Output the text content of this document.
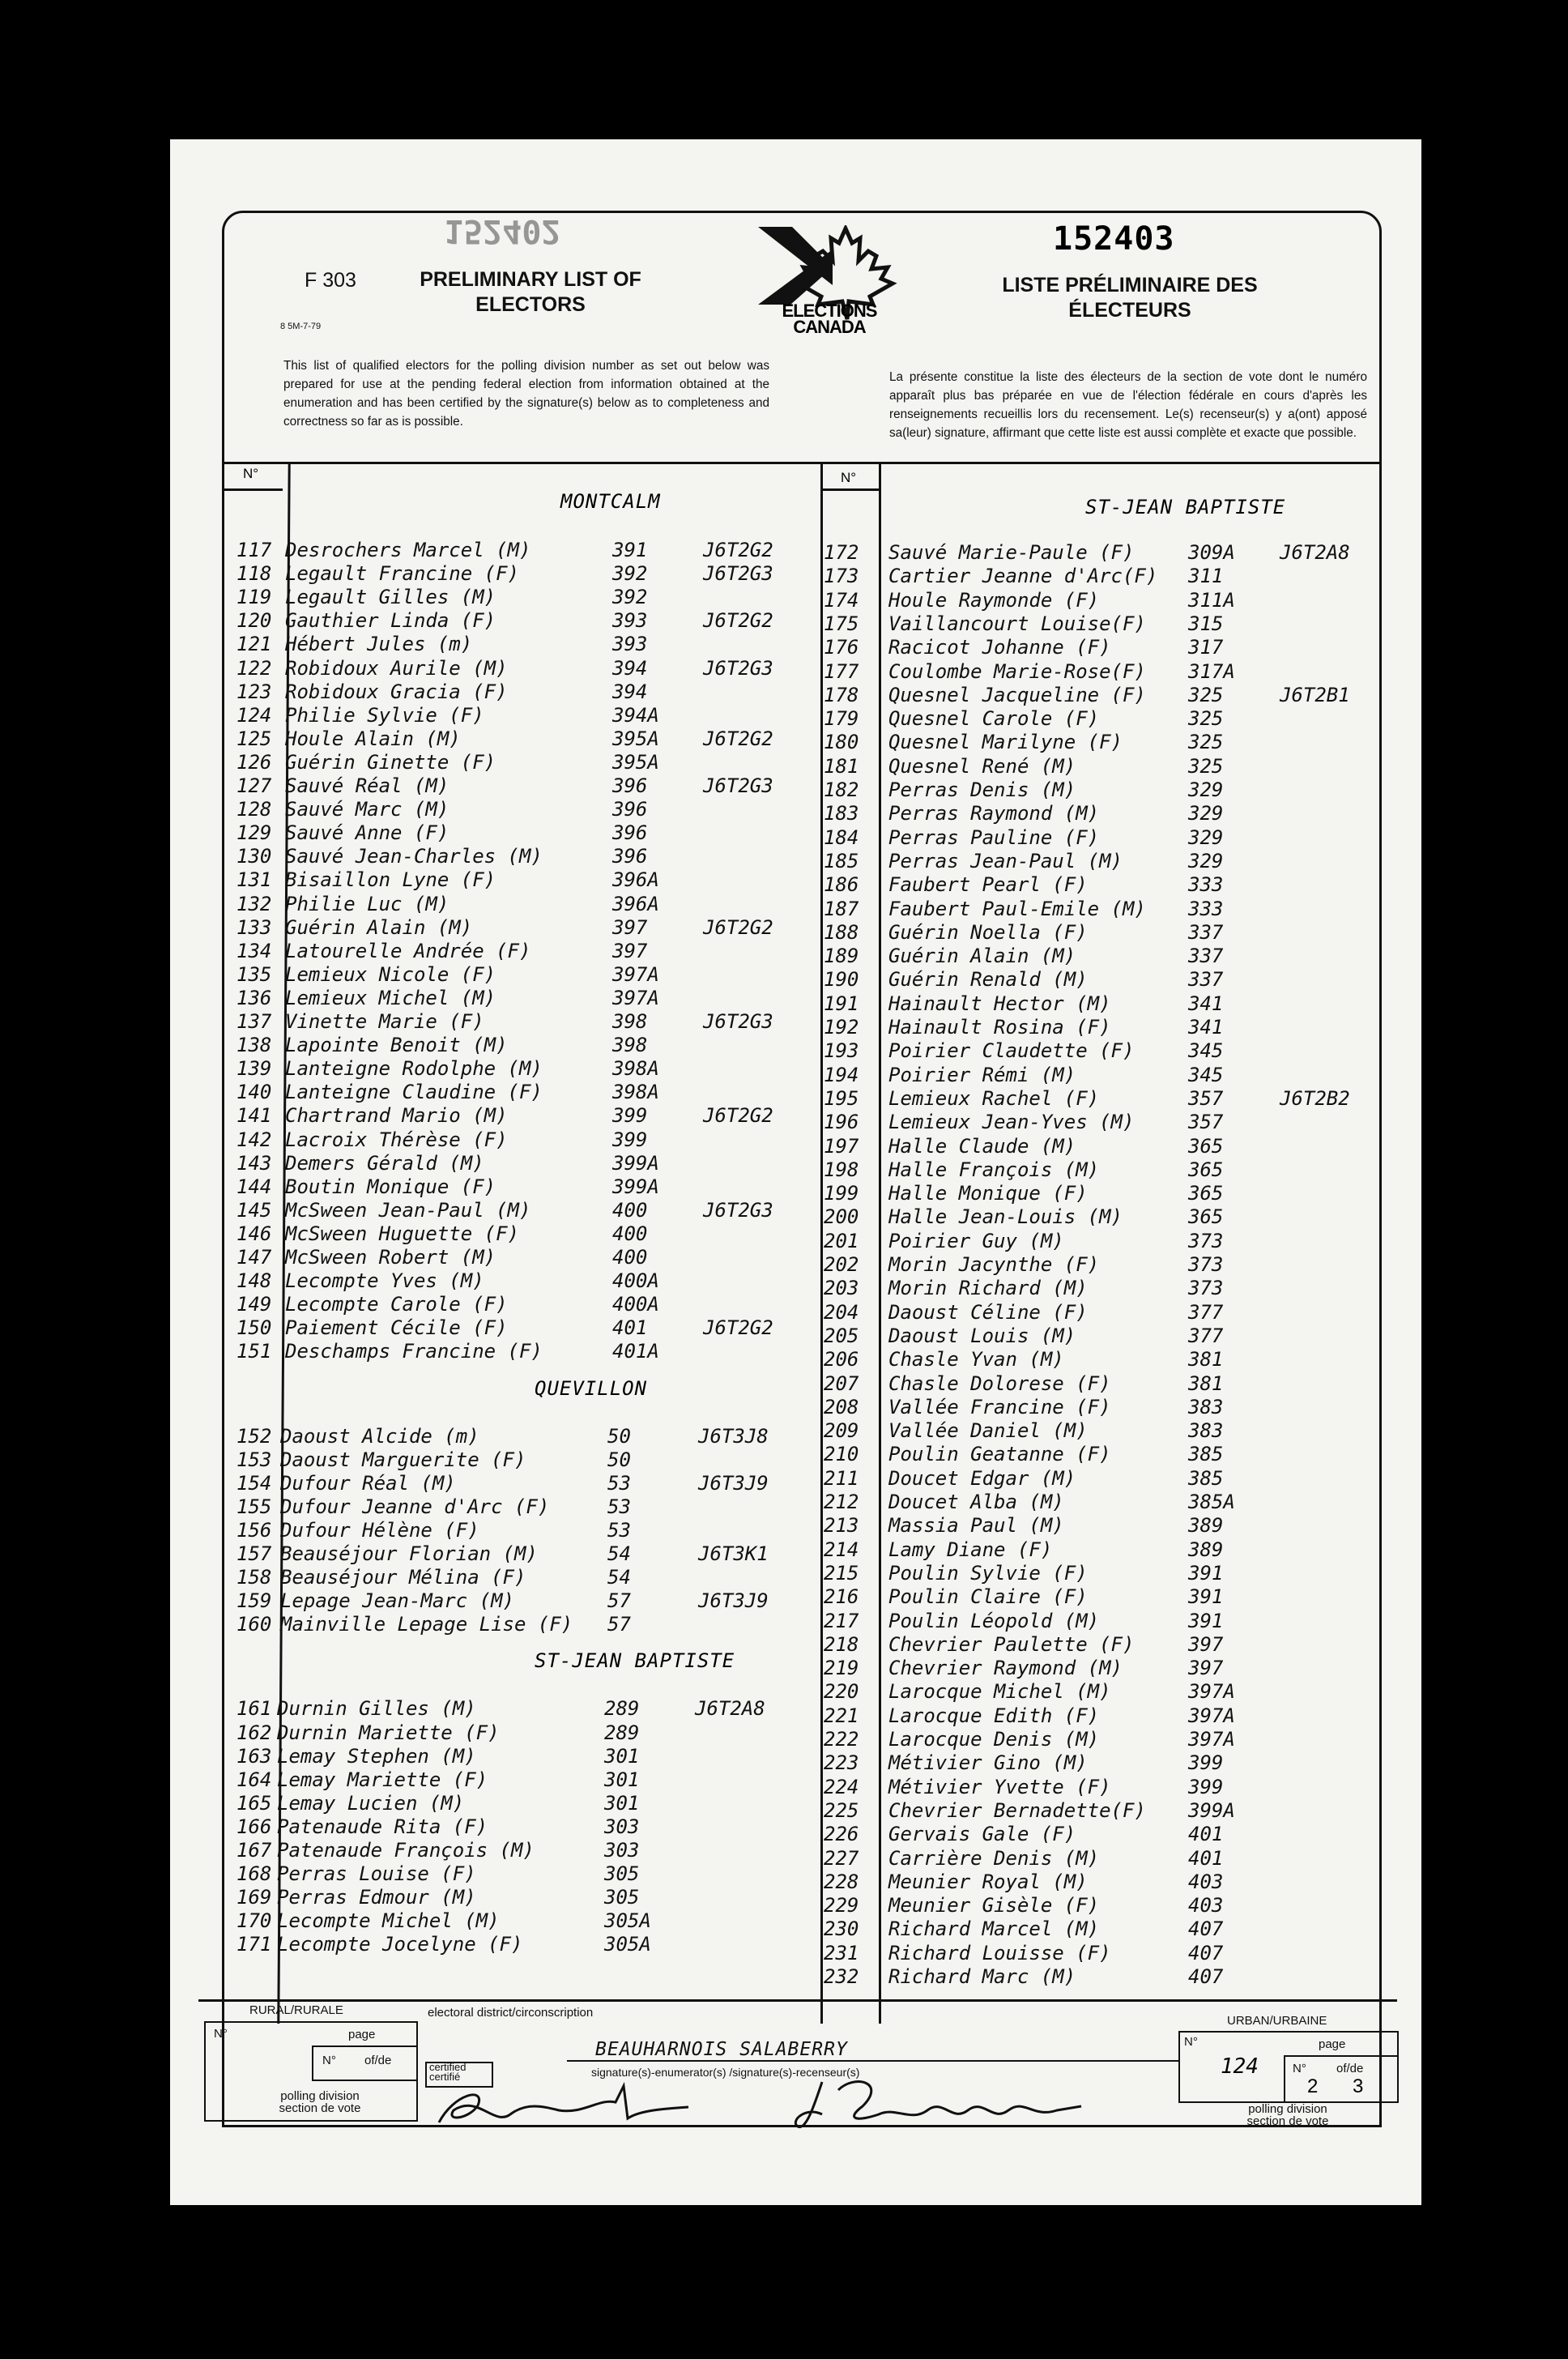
F 303
8 5M-7-79
PRELIMINARY LIST OF ELECTORS
LISTE PRÉLIMINAIRE DES ÉLECTEURS
152402	152403
ELECTIONS
CANADA
This list of qualified electors for the polling division number as set out below was prepared for use at the pending federal election from information obtained at the enumeration and has been certified by the signature(s) below as to completeness and correctness so far as is possible.
La présente constitue la liste des électeurs de la section de vote dont le numéro apparaît plus bas préparée en vue de l'élection fédérale en cours d'après les renseignements recueillis lors du recensement. Le(s) recenseur(s) y a(ont) apposé sa(leur) signature, affirmant que cette liste est aussi complète et exacte que possible.
N°	N°
RURAL/RURALE
N°	page
N° of/de
polling division
section de vote
electoral district/circonscription
BEAUHARNOIS SALABERRY
certified
certifié	signature(s)-enumerator(s) /signature(s)-recenseur(s)
URBAN/URBAINE
N°
124
page
N° of/de
2 3
polling division
section de vote
MONTCALM
117 Desrochers Marcel (M)	391	J6T2G2
118 Legault Francine (F)	392	J6T2G3
119 Legault Gilles (M)	392
120 Gauthier Linda (F)	393	J6T2G2
121 Hébert Jules (m)	393
122 Robidoux Aurile (M)	394	J6T2G3
123 Robidoux Gracia (F)	394
124 Philie Sylvie (F)	394A
125 Houle Alain (M)	395A J6T2G2
126 Guérin Ginette (F)	395A
127 Sauvé Réal (M)	396	J6T2G3
128 Sauvé Marc (M)	396
129 Sauvé Anne (F)	396
130 Sauvé Jean-Charles (M)	396
131 Bisaillon Lyne (F)	396A
132 Philie Luc (M)	396A
133 Guérin Alain (M)	397	J6T2G2
134 Latourelle Andrée (F)	397
135 Lemieux Nicole (F)	397A
136 Lemieux Michel (M)	397A
137 Vinette Marie (F)	398	J6T2G3
138 Lapointe Benoit (M)	398
139 Lanteigne Rodolphe (M)	398A
140 Lanteigne Claudine (F)	398A
141 Chartrand Mario (M)	399	J6T2G2
142 Lacroix Thérèse (F)	399
143 Demers Gérald (M)	399A
144 Boutin Monique (F)	399A
145 McSween Jean-Paul (M)	400	J6T2G3
146 McSween Huguette (F)	400
147 McSween Robert (M)	400
148 Lecompte Yves (M)	400A
149 Lecompte Carole (F)	400A
150 Paiement Cécile (F)	401	J6T2G2
151 Deschamps Francine (F)	401A
QUEVILLON
152 Daoust Alcide (m)	50	J6T3J8
153 Daoust Marguerite (F)	50
154 Dufour Réal (M)	53	J6T3J9
155 Dufour Jeanne d'Arc (F)	53
156 Dufour Hélène (F)	53
157 Beauséjour Florian (M)	54	J6T3K1
158 Beauséjour Mélina (F)	54
159 Lepage Jean-Marc (M)	57	J6T3J9
160 Mainville Lepage Lise (F) 57
ST-JEAN BAPTISTE
161 Durnin Gilles (M)	289	J6T2A8
162 Durnin Mariette (F)	289
163 Lemay Stephen (M)	301
164 Lemay Mariette (F)	301
165 Lemay Lucien (M)	301
166 Patenaude Rita (F)	303
167 Patenaude François (M)	303
168 Perras Louise (F)	305
169 Perras Edmour (M)	305
170 Lecompte Michel (M)	305A
171 Lecompte Jocelyne (F)	305A
ST-JEAN BAPTISTE
172 Sauvé Marie-Paule (F)	309A J6T2A8
173 Cartier Jeanne d'Arc(F) 311
174 Houle Raymonde (F)	311A
175 Vaillancourt Louise(F) 315
176 Racicot Johanne (F)	317
177 Coulombe Marie-Rose(F) 317A
178 Quesnel Jacqueline (F) 325	J6T2B1
179 Quesnel Carole (F)	325
180 Quesnel Marilyne (F)	325
181 Quesnel René (M)	325
182 Perras Denis (M)	329
183 Perras Raymond (M)	329
184 Perras Pauline (F)	329
185 Perras Jean-Paul (M)	329
186 Faubert Pearl (F)	333
187 Faubert Paul-Emile (M) 333
188 Guérin Noella (F)	337
189 Guérin Alain (M)	337
190 Guérin Renald (M)	337
191 Hainault Hector (M)	341
192 Hainault Rosina (F)	341
193 Poirier Claudette (F)	345
194 Poirier Rémi (M)	345
195 Lemieux Rachel (F)	357	J6T2B2
196 Lemieux Jean-Yves (M)	357
197 Halle Claude (M)	365
198 Halle François (M)	365
199 Halle Monique (F)	365
200 Halle Jean-Louis (M)	365
201 Poirier Guy (M)	373
202 Morin Jacynthe (F)	373
203 Morin Richard (M)	373
204 Daoust Céline (F)	377
205 Daoust Louis (M)	377
206 Chasle Yvan (M)	381
207 Chasle Dolorese (F)	381
208 Vallée Francine (F)	383
209 Vallée Daniel (M)	383
210 Poulin Geatanne (F)	385
211 Doucet Edgar (M)	385
212 Doucet Alba (M)	385A
213 Massia Paul (M)	389
214 Lamy Diane (F)	389
215 Poulin Sylvie (F)	391
216 Poulin Claire (F)	391
217 Poulin Léopold (M)	391
218 Chevrier Paulette (F)	397
219 Chevrier Raymond (M)	397
220 Larocque Michel (M)	397A
221 Larocque Edith (F)	397A
222 Larocque Denis (M)	397A
223 Métivier Gino (M)	399
224 Métivier Yvette (F)	399
225 Chevrier Bernadette(F) 399A
226 Gervais Gale (F)	401
227 Carrière Denis (M)	401
228 Meunier Royal (M)	403
229 Meunier Gisèle (F)	403
230 Richard Marcel (M)	407
231 Richard Louisse (F)	407
232 Richard Marc (M)	407
